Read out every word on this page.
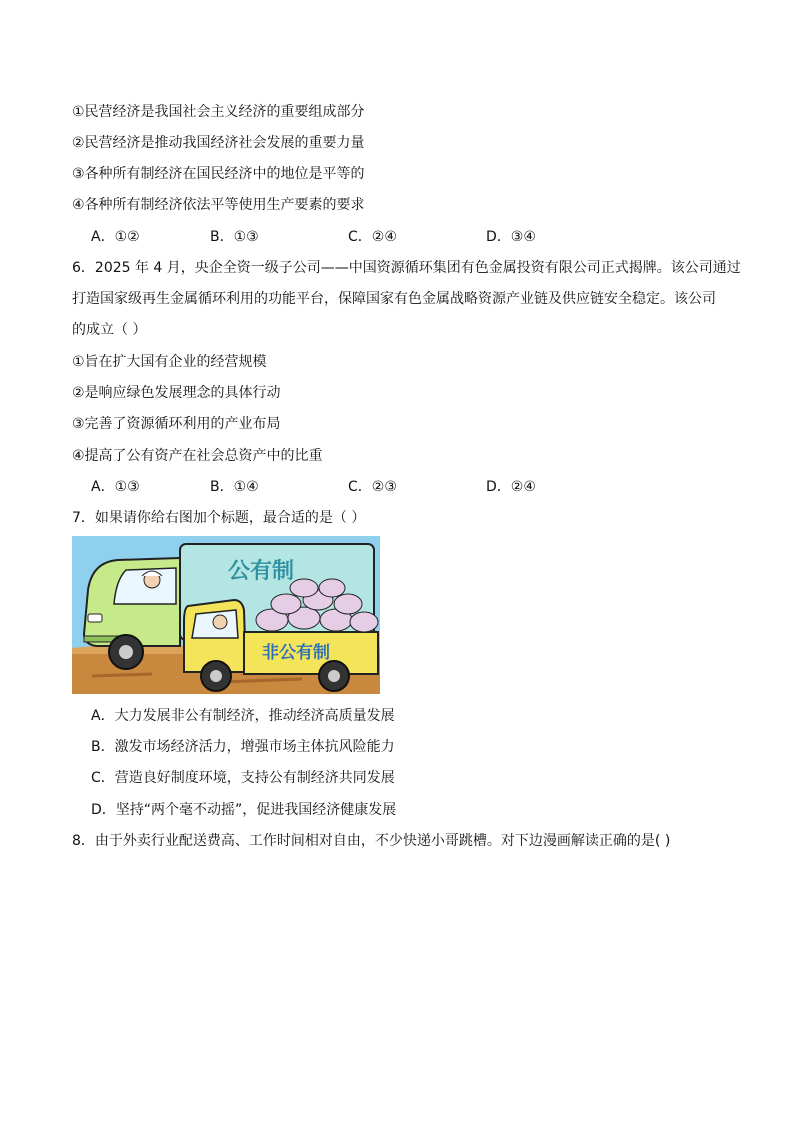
①民营经济是我国社会主义经济的重要组成部分
②民营经济是推动我国经济社会发展的重要力量
③各种所有制经济在国民经济中的地位是平等的
④各种所有制经济依法平等使用生产要素的要求
A．①②	B．①③	C．②④	D．③④
6．2025 年 4 月，央企全资一级子公司——中国资源循环集团有色金属投资有限公司正式揭牌。该公司通过
打造国家级再生金属循环利用的功能平台，保障国家有色金属战略资源产业链及供应链安全稳定。该公司
的成立（ ）
①旨在扩大国有企业的经营规模
②是响应绿色发展理念的具体行动
③完善了资源循环利用的产业布局
④提高了公有资产在社会总资产中的比重
A．①③	B．①④	C．②③	D．②④
7．如果请你给右图加个标题，最合适的是（ ）
公有制
非公有制
A．大力发展非公有制经济，推动经济高质量发展
B．激发市场经济活力，增强市场主体抗风险能力
C．营造良好制度环境，支持公有制经济共同发展
D．坚持“两个毫不动摇”，促进我国经济健康发展
8．由于外卖行业配送费高、工作时间相对自由，不少快递小哥跳槽。对下边漫画解读正确的是( )
